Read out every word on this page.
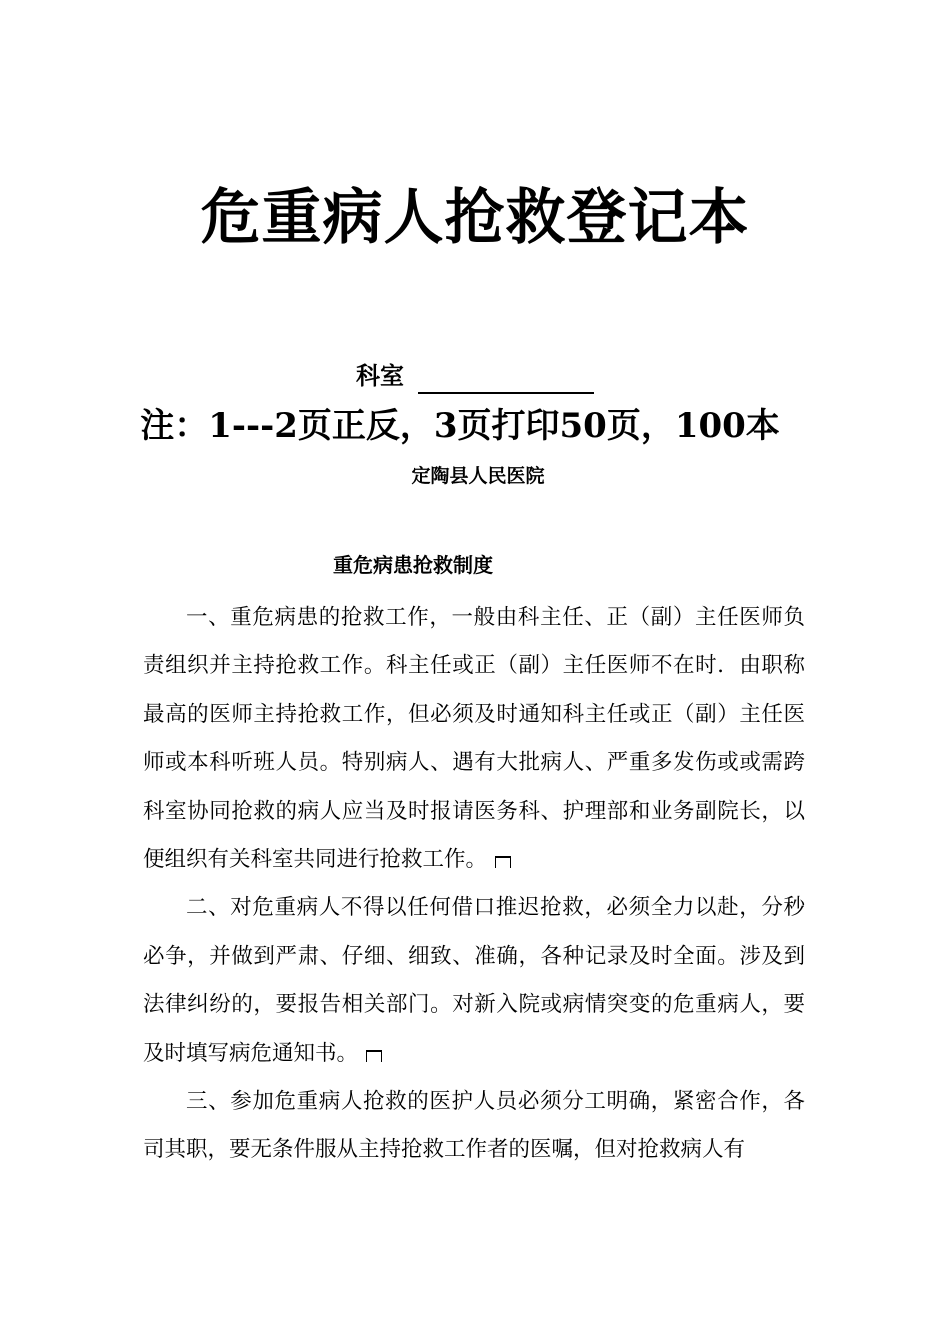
危重病人抢救登记本
科室
注：1---2页正反，3页打印50页，100本
定陶县人民医院
重危病患抢救制度

一、重危病患的抢救工作，一般由科主任、正（副）主任医师负责组织并主持抢救工作。科主任或正（副）主任医师不在时．由职称最高的医师主持抢救工作，但必须及时通知科主任或正（副）主任医师或本科听班人员。特别病人、遇有大批病人、严重多发伤或或需跨科室协同抢救的病人应当及时报请医务科、护理部和业务副院长，以便组织有关科室共同进行抢救工作。

二、对危重病人不得以任何借口推迟抢救，必须全力以赴，分秒必争，并做到严肃、仔细、细致、准确，各种记录及时全面。涉及到法律纠纷的，要报告相关部门。对新入院或病情突变的危重病人，要及时填写病危通知书。

三、参加危重病人抢救的医护人员必须分工明确，紧密合作，各司其职，要无条件服从主持抢救工作者的医嘱，但对抢救病人有
